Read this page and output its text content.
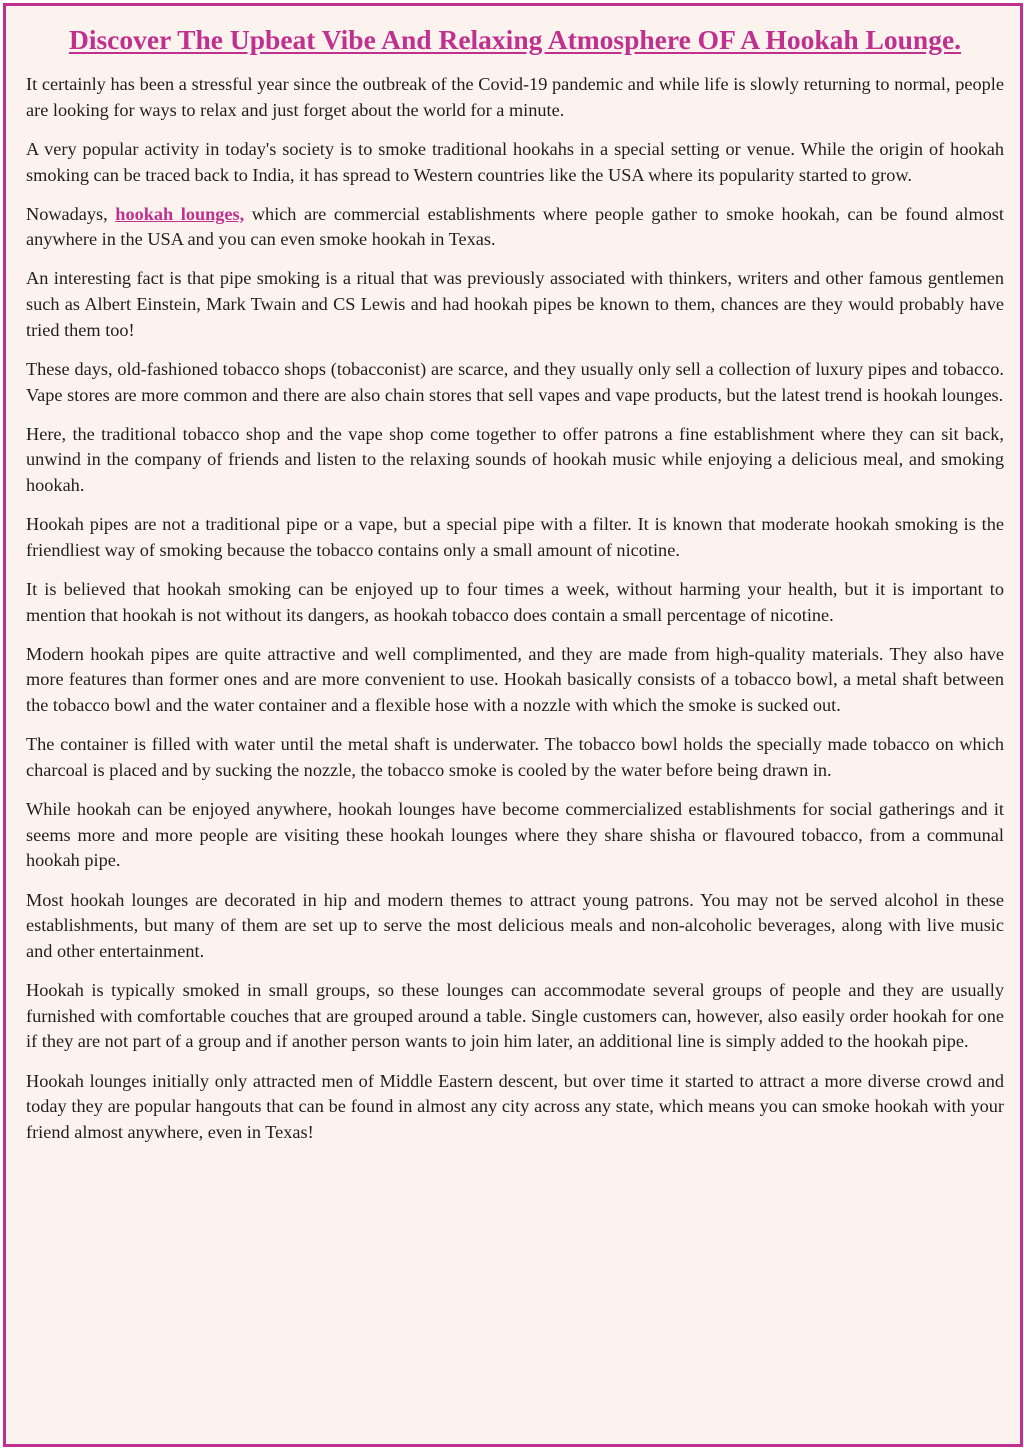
Discover The Upbeat Vibe And Relaxing Atmosphere OF A Hookah Lounge.

It certainly has been a stressful year since the outbreak of the Covid-19 pandemic and while life is slowly returning to normal, people are looking for ways to relax and just forget about the world for a minute.

A very popular activity in today's society is to smoke traditional hookahs in a special setting or venue. While the origin of hookah smoking can be traced back to India, it has spread to Western countries like the USA where its popularity started to grow.

Nowadays, hookah lounges, which are commercial establishments where people gather to smoke hookah, can be found almost anywhere in the USA and you can even smoke hookah in Texas.

An interesting fact is that pipe smoking is a ritual that was previously associated with thinkers, writers and other famous gentlemen such as Albert Einstein, Mark Twain and CS Lewis and had hookah pipes be known to them, chances are they would probably have tried them too!

These days, old-fashioned tobacco shops (tobacconist) are scarce, and they usually only sell a collection of luxury pipes and tobacco. Vape stores are more common and there are also chain stores that sell vapes and vape products, but the latest trend is hookah lounges.

Here, the traditional tobacco shop and the vape shop come together to offer patrons a fine establishment where they can sit back, unwind in the company of friends and listen to the relaxing sounds of hookah music while enjoying a delicious meal, and smoking hookah.

Hookah pipes are not a traditional pipe or a vape, but a special pipe with a filter. It is known that moderate hookah smoking is the friendliest way of smoking because the tobacco contains only a small amount of nicotine.

It is believed that hookah smoking can be enjoyed up to four times a week, without harming your health, but it is important to mention that hookah is not without its dangers, as hookah tobacco does contain a small percentage of nicotine.

Modern hookah pipes are quite attractive and well complimented, and they are made from high-quality materials. They also have more features than former ones and are more convenient to use. Hookah basically consists of a tobacco bowl, a metal shaft between the tobacco bowl and the water container and a flexible hose with a nozzle with which the smoke is sucked out.

The container is filled with water until the metal shaft is underwater. The tobacco bowl holds the specially made tobacco on which charcoal is placed and by sucking the nozzle, the tobacco smoke is cooled by the water before being drawn in.

While hookah can be enjoyed anywhere, hookah lounges have become commercialized establishments for social gatherings and it seems more and more people are visiting these hookah lounges where they share shisha or flavoured tobacco, from a communal hookah pipe.

Most hookah lounges are decorated in hip and modern themes to attract young patrons. You may not be served alcohol in these establishments, but many of them are set up to serve the most delicious meals and non-alcoholic beverages, along with live music and other entertainment.

Hookah is typically smoked in small groups, so these lounges can accommodate several groups of people and they are usually furnished with comfortable couches that are grouped around a table. Single customers can, however, also easily order hookah for one if they are not part of a group and if another person wants to join him later, an additional line is simply added to the hookah pipe.

Hookah lounges initially only attracted men of Middle Eastern descent, but over time it started to attract a more diverse crowd and today they are popular hangouts that can be found in almost any city across any state, which means you can smoke hookah with your friend almost anywhere, even in Texas!
